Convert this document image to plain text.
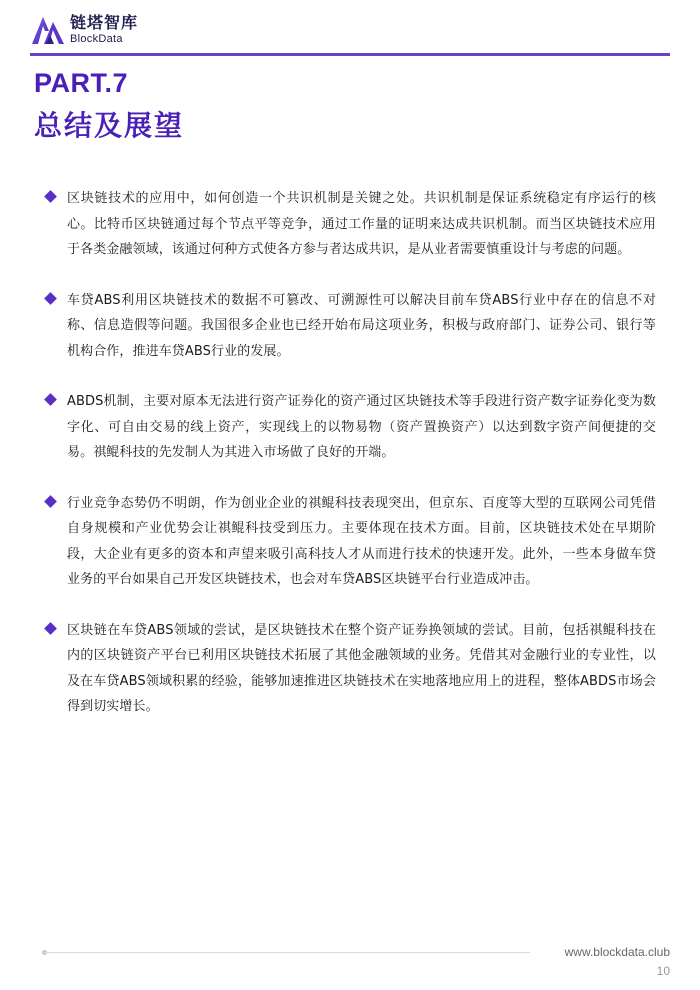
链塔智库
BlockData
PART.7
总结及展望

区块链技术的应用中，如何创造一个共识机制是关键之处。共识机制是保证系统稳定有序运行的核心。比特币区块链通过每个节点平等竞争，通过工作量的证明来达成共识机制。而当区块链技术应用于各类金融领域，该通过何种方式使各方参与者达成共识，是从业者需要慎重设计与考虑的问题。

车贷ABS利用区块链技术的数据不可篡改、可溯源性可以解决目前车贷ABS行业中存在的信息不对称、信息造假等问题。我国很多企业也已经开始布局这项业务，积极与政府部门、证券公司、银行等机构合作，推进车贷ABS行业的发展。

ABDS机制，主要对原本无法进行资产证券化的资产通过区块链技术等手段进行资产数字证券化变为数字化、可自由交易的线上资产，实现线上的以物易物（资产置换资产）以达到数字资产间便捷的交易。祺鲲科技的先发制人为其进入市场做了良好的开端。

行业竞争态势仍不明朗，作为创业企业的祺鲲科技表现突出，但京东、百度等大型的互联网公司凭借自身规模和产业优势会让祺鲲科技受到压力。主要体现在技术方面。目前，区块链技术处在早期阶段，大企业有更多的资本和声望来吸引高科技人才从而进行技术的快速开发。此外，一些本身做车贷业务的平台如果自己开发区块链技术，也会对车贷ABS区块链平台行业造成冲击。

区块链在车贷ABS领域的尝试，是区块链技术在整个资产证券换领域的尝试。目前，包括祺鲲科技在内的区块链资产平台已利用区块链技术拓展了其他金融领域的业务。凭借其对金融行业的专业性，以及在车贷ABS领域积累的经验，能够加速推进区块链技术在实地落地应用上的进程，整体ABDS市场会得到切实增长。

www.blockdata.club
10
